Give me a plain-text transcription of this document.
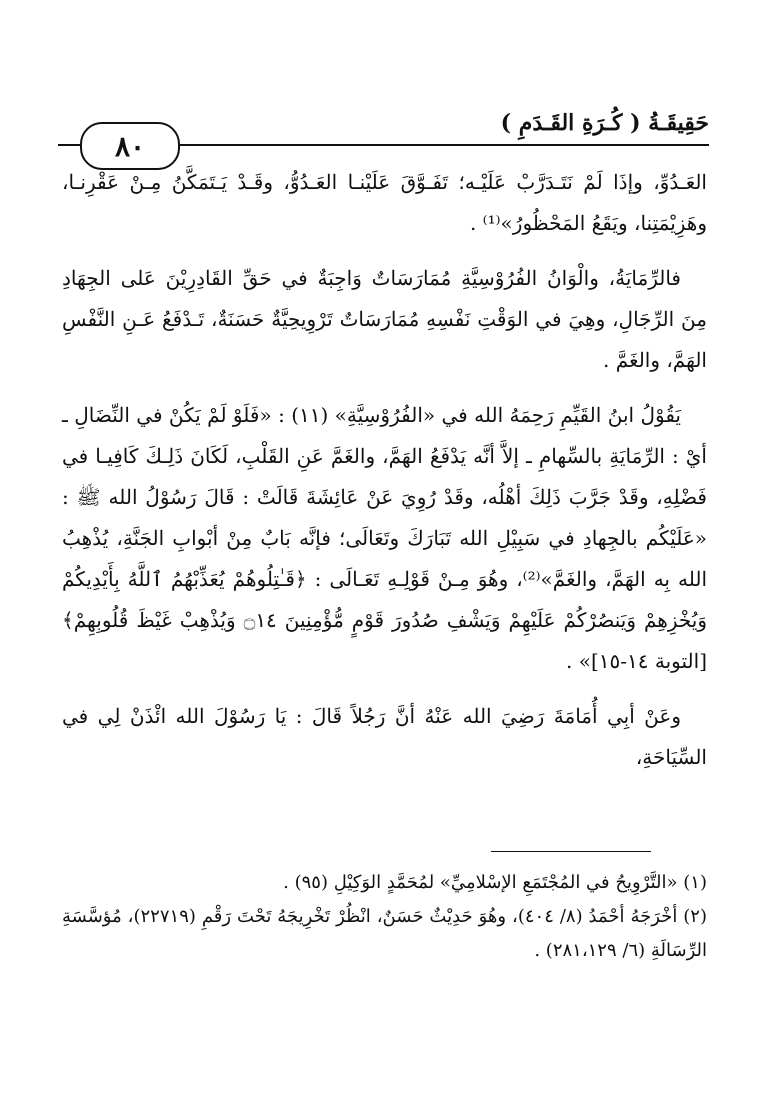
حَقِيقَـةُ ( كُـرَةِ القَـدَمِ )
٨٠

العَـدُوِّ، وإذَا لَمْ نَتَـدَرَّبْ عَلَيْـه؛ تَفَـوَّقَ عَلَيْنـا العَـدُوُّ، وقَـدْ يَـتَمَكَّنُ مِـنْ عَقْرِنـا، وهَزِيْمَتِنا، ويَقَعُ المَحْظُورُ»⁽¹⁾ .

فالرِّمَايَةُ، والْوَانُ الفُرُوْسِيَّةِ مُمَارَسَاتٌ وَاجِبَةٌ في حَقِّ القَادِرِيْنَ عَلى الجِهَادِ مِنَ الرِّجَالِ، وهِيَ في الوَقْتِ نَفْسِهِ مُمَارَسَاتٌ تَرْوِيحِيَّةٌ حَسَنَةٌ، تَـدْفَعُ عَـنِ النَّفْسِ الهَمَّ، والغَمَّ .

يَقُوْلُ ابنُ القَيِّمِ رَحِمَهُ الله في «الفُرُوْسِيَّةِ» (١١) : «فَلَوْ لَمْ يَكُنْ في النِّضَالِ ـ أيْ : الرِّمَايَةِ بالسِّهامِ ـ إلاَّ أنَّه يَدْفَعُ الهَمَّ، والغَمَّ عَنِ القَلْبِ، لَكَانَ ذَلِـكَ كَافِيـا في فَضْلِهِ، وقَدْ جَرَّبَ ذَلِكَ أهْلُه، وقَدْ رُوِيَ عَنْ عَائِشَةَ قَالَتْ : قَالَ رَسُوْلُ الله ﷺ : «عَلَيْكُم بالجِهادِ في سَبِيْلِ الله تَبَارَكَ وتَعَالَى؛ فإنَّه بَابٌ مِنْ أبْوابِ الجَنَّةِ، يُذْهِبُ الله بِه الهَمَّ، والغَمَّ»⁽²⁾، وهُوَ مِـنْ قَوْلِـهِ تَعَـالَى : ﴿قَـٰتِلُوهُمْ يُعَذِّبْهُمُ ٱللَّهُ بِأَيْدِيكُمْ وَيُخْزِهِمْ وَيَنصُرْكُمْ عَلَيْهِمْ وَيَشْفِ صُدُورَ قَوْمٍ مُّؤْمِنِينَ ۝١٤ وَيُذْهِبْ غَيْظَ قُلُوبِهِمْ﴾ [التوبة ١٤-١٥]» .

وعَنْ أبِي أُمَامَةَ رَضِيَ الله عَنْهُ أنَّ رَجُلاً قَالَ : يَا رَسُوْلَ الله ائْذَنْ لِي في السِّيَاحَةِ،

(١) «التَّرْوِيحُ في المُجْتَمَعِ الإسْلامِيِّ» لمُحَمَّدٍ الوَكِيْلِ (٩٥) .

(٢) أخْرَجَهُ أحْمَدُ (٨/ ٤٠٤)، وهُوَ حَدِيْثٌ حَسَنٌ، انْظُرْ تَخْرِيجَهُ تَحْتَ رَقْمِ (٢٢٧١٩)، مُؤسَّسَةِ الرِّسَالَةِ (٦/ ٢٨١،١٢٩) .
